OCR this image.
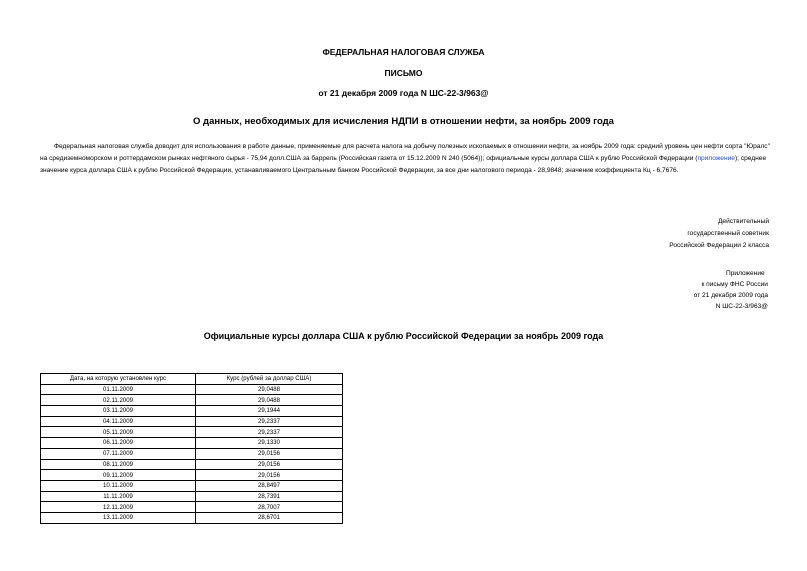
ФЕДЕРАЛЬНАЯ НАЛОГОВАЯ СЛУЖБА
ПИСЬМО
от 21 декабря 2009 года N ШС-22-3/963@
О данных, необходимых для исчисления НДПИ в отношении нефти, за ноябрь 2009 года
Федеральная налоговая служба доводит для использования в работе данные, применяемые для расчета налога на добычу полезных ископаемых в отношении нефти, за ноябрь 2009 года: средний уровень цен нефти сорта "Юралс" на средиземноморском и роттердамском рынках нефтяного сырья - 75,94 долл.США за баррель (Российская газета от 15.12.2009 N 240 (5064)); официальные курсы доллара США к рублю Российской Федерации (приложение); среднее значение курса доллара США к рублю Российской Федерации, устанавливаемого Центральным банком Российской Федерации, за все дни налогового периода - 28,9848; значение коэффициента Кц - 6,7676.
Действительный
государственный советник
Российской Федерации 2 класса
Приложение
к письму ФНС России
от 21 декабря 2009 года
N ШС-22-3/963@
Официальные курсы доллара США к рублю Российской Федерации за ноябрь 2009 года
Дата, на которую установлен курс	Курс (рублей за доллар США)
01.11.2009	29,0488
02.11.2009	29,0488
03.11.2009	29,1944
04.11.2009	29,2337
05.11.2009	29,2337
06.11.2009	29,1330
07.11.2009	29,0156
08.11.2009	29,0156
09.11.2009	29,0156
10.11.2009	28,8497
11.11.2009	28,7391
12.11.2009	28,7007
13.11.2009	28,6701
